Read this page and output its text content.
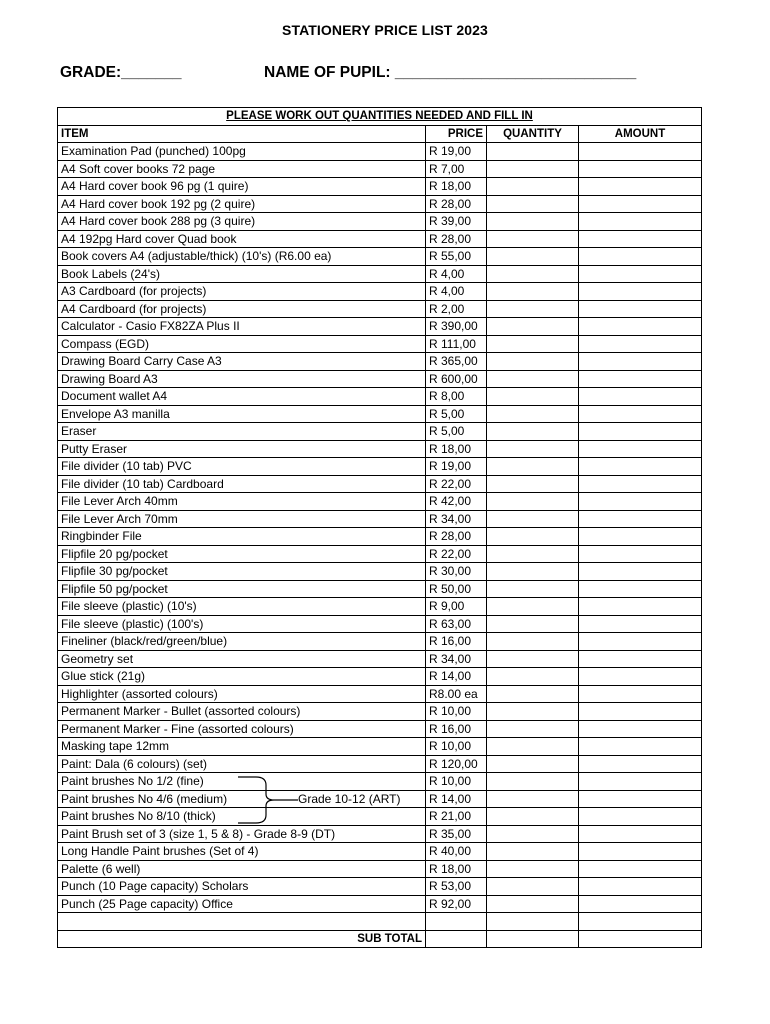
STATIONERY PRICE LIST 2023
GRADE:_______	NAME OF PUPIL: ____________________________
PLEASE WORK OUT QUANTITIES NEEDED AND FILL IN			
ITEM	PRICE	QUANTITY	AMOUNT
Examination Pad (punched) 100pg	R 19,00		
A4 Soft cover books 72 page	R 7,00		
A4 Hard cover book 96 pg (1 quire)	R 18,00		
A4 Hard cover book 192 pg (2 quire)	R 28,00		
A4 Hard cover book 288 pg (3 quire)	R 39,00		
A4 192pg Hard cover Quad book	R 28,00		
Book covers A4 (adjustable/thick) (10's) (R6.00 ea)	R 55,00		
Book Labels (24's)	R 4,00		
A3 Cardboard (for projects)	R 4,00		
A4 Cardboard (for projects)	R 2,00		
Calculator - Casio FX82ZA Plus II	R 390,00		
Compass (EGD)	R 111,00		
Drawing Board Carry Case A3	R 365,00		
Drawing Board A3	R 600,00		
Document wallet A4	R 8,00		
Envelope A3 manilla	R 5,00		
Eraser	R 5,00		
Putty Eraser	R 18,00		
File divider (10 tab) PVC	R 19,00		
File divider (10 tab) Cardboard	R 22,00		
File Lever Arch 40mm	R 42,00		
File Lever Arch 70mm	R 34,00		
Ringbinder File	R 28,00		
Flipfile 20 pg/pocket	R 22,00		
Flipfile 30 pg/pocket	R 30,00		
Flipfile 50 pg/pocket	R 50,00		
File sleeve (plastic) (10's)	R 9,00		
File sleeve (plastic) (100's)	R 63,00		
Fineliner (black/red/green/blue)	R 16,00		
Geometry set	R 34,00		
Glue stick (21g)	R 14,00		
Highlighter (assorted colours)	R8.00 ea		
Permanent Marker - Bullet (assorted colours)	R 10,00		
Permanent Marker - Fine (assorted colours)	R 16,00		
Masking tape 12mm	R 10,00		
Paint: Dala (6 colours) (set)	R 120,00		
Paint brushes No 1/2 (fine)	R 10,00		
Paint brushes No 4/6 (medium)	R 14,00		
Paint brushes No 8/10 (thick)	R 21,00		
Paint Brush set of 3 (size 1, 5 & 8) - Grade 8-9 (DT)	R 35,00		
Long Handle Paint brushes (Set of 4)	R 40,00		
Palette (6 well)	R 18,00		
Punch (10 Page capacity) Scholars	R 53,00		
Punch (25 Page capacity) Office	R 92,00		

SUB TOTAL			
Grade 10-12 (ART)
